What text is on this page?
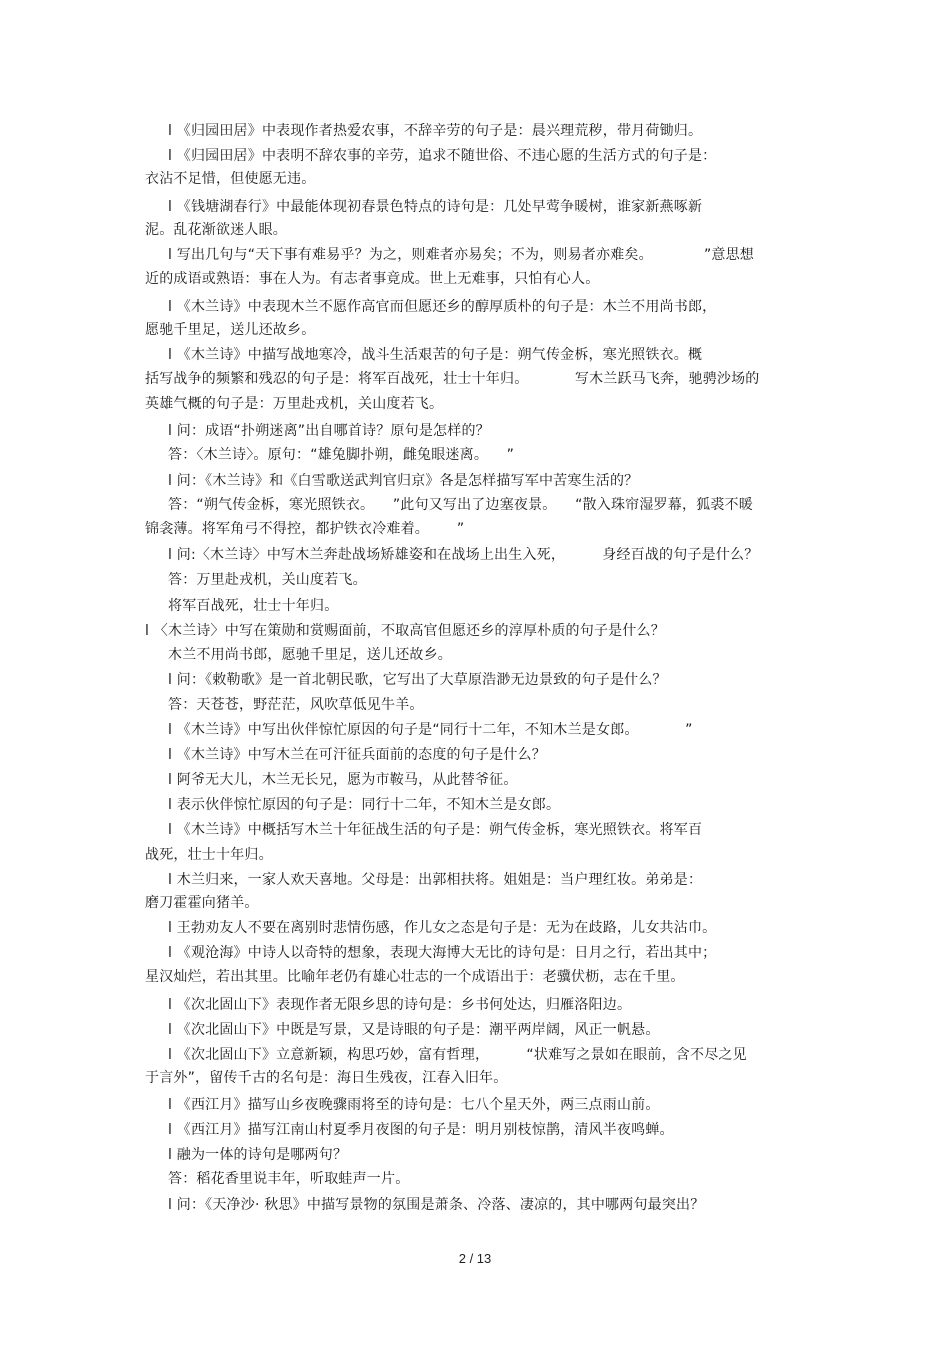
l 《归园田居》中表现作者热爱农事，不辞辛劳的句子是：晨兴理荒秽，带月荷锄归。
l 《归园田居》中表明不辞农事的辛劳，追求不随世俗、不违心愿的生活方式的句子是：
衣沾不足惜，但使愿无违。
l 《钱塘湖春行》中最能体现初春景色特点的诗句是：几处早莺争暖树，谁家新燕啄新
泥。乱花渐欲迷人眼。
l 写出几句与“天下事有难易乎？为之，则难者亦易矣；不为，则易者亦难矣。           ”意思想
近的成语或熟语：事在人为。有志者事竟成。世上无难事，只怕有心人。
l 《木兰诗》中表现木兰不愿作高官而但愿还乡的醇厚质朴的句子是：木兰不用尚书郎，
愿驰千里足，送儿还故乡。
l 《木兰诗》中描写战地寒冷，战斗生活艰苦的句子是：朔气传金柝，寒光照铁衣。概
括写战争的频繁和残忍的句子是：将军百战死，壮士十年归。          写木兰跃马飞奔，驰骋沙场的
英雄气概的句子是：万里赴戎机，关山度若飞。
l 问：成语“扑朔迷离”出自哪首诗？原句是怎样的？
答：〈木兰诗〉。原句：“雄兔脚扑朔，雌兔眼迷离。    ”
l 问：《木兰诗》和《白雪歌送武判官归京》各是怎样描写军中苦寒生活的？
答：“朔气传金柝，寒光照铁衣。    ”此句又写出了边塞夜景。    “散入珠帘湿罗幕，狐裘不暖
锦衾薄。将军角弓不得控，都护铁衣冷难着。      ”
l 问:〈木兰诗〉中写木兰奔赴战场矫雄姿和在战场上出生入死，        身经百战的句子是什么？
答：万里赴戎机，关山度若飞。
将军百战死，壮士十年归。
l 〈木兰诗〉中写在策勋和赏赐面前，不取高官但愿还乡的淳厚朴质的句子是什么？
木兰不用尚书郎，愿驰千里足，送儿还故乡。
l 问：《敕勒歌》是一首北朝民歌，它写出了大草原浩渺无边景致的句子是什么？
答：天苍苍，野茫茫，风吹草低见牛羊。
l 《木兰诗》中写出伙伴惊忙原因的句子是“同行十二年，不知木兰是女郎。          ”
l 《木兰诗》中写木兰在可汗征兵面前的态度的句子是什么？
l 阿爷无大儿，木兰无长兄，愿为市鞍马，从此替爷征。
l 表示伙伴惊忙原因的句子是：同行十二年，不知木兰是女郎。
l 《木兰诗》中概括写木兰十年征战生活的句子是：朔气传金柝，寒光照铁衣。将军百
战死，壮士十年归。
l 木兰归来，一家人欢天喜地。父母是：出郭相扶将。姐姐是：当户理红妆。弟弟是：
磨刀霍霍向猪羊。
l 王勃劝友人不要在离别时悲情伤感，作儿女之态是句子是：无为在歧路，儿女共沾巾。
l 《观沧海》中诗人以奇特的想象，表现大海博大无比的诗句是：日月之行，若出其中；
星汉灿烂，若出其里。比喻年老仍有雄心壮志的一个成语出于：老骥伏枥，志在千里。
l 《次北固山下》表现作者无限乡思的诗句是：乡书何处达，归雁洛阳边。
l 《次北固山下》中既是写景，又是诗眼的句子是：潮平两岸阔，风正一帆悬。
l 《次北固山下》立意新颖，构思巧妙，富有哲理，        “状难写之景如在眼前，含不尽之见
于言外”，留传千古的名句是：海日生残夜，江春入旧年。
l 《西江月》描写山乡夜晚骤雨将至的诗句是：七八个星天外，两三点雨山前。
l 《西江月》描写江南山村夏季月夜图的句子是：明月别枝惊鹊，清风半夜鸣蝉。
l 融为一体的诗句是哪两句？
答：稻花香里说丰年，听取蛙声一片。
l 问：《天净沙· 秋思》中描写景物的氛围是萧条、冷落、凄凉的，其中哪两句最突出？
2 / 13
